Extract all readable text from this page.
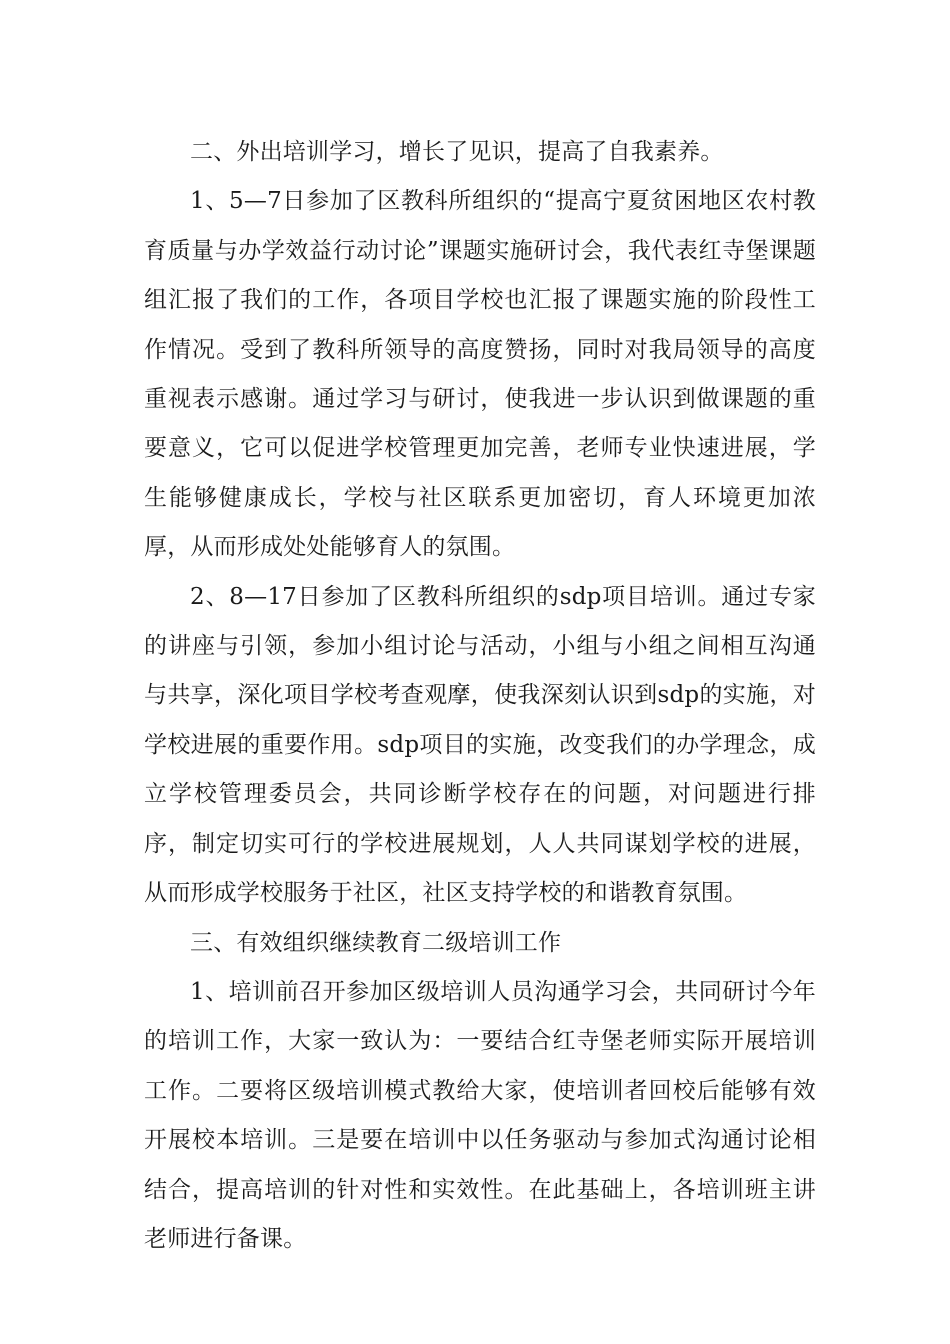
二、外出培训学习，增长了见识，提高了自我素养。

1、5—7日参加了区教科所组织的“提高宁夏贫困地区农村教育质量与办学效益行动讨论”课题实施研讨会，我代表红寺堡课题组汇报了我们的工作，各项目学校也汇报了课题实施的阶段性工作情况。受到了教科所领导的高度赞扬，同时对我局领导的高度重视表示感谢。通过学习与研讨，使我进一步认识到做课题的重要意义，它可以促进学校管理更加完善，老师专业快速进展，学生能够健康成长，学校与社区联系更加密切，育人环境更加浓厚，从而形成处处能够育人的氛围。

2、8—17日参加了区教科所组织的sdp项目培训。通过专家的讲座与引领，参加小组讨论与活动，小组与小组之间相互沟通与共享，深化项目学校考查观摩，使我深刻认识到sdp的实施，对学校进展的重要作用。sdp项目的实施，改变我们的办学理念，成立学校管理委员会，共同诊断学校存在的问题，对问题进行排序，制定切实可行的学校进展规划，人人共同谋划学校的进展，从而形成学校服务于社区，社区支持学校的和谐教育氛围。

三、有效组织继续教育二级培训工作

1、培训前召开参加区级培训人员沟通学习会，共同研讨今年的培训工作，大家一致认为：一要结合红寺堡老师实际开展培训工作。二要将区级培训模式教给大家，使培训者回校后能够有效开展校本培训。三是要在培训中以任务驱动与参加式沟通讨论相结合，提高培训的针对性和实效性。在此基础上，各培训班主讲老师进行备课。
